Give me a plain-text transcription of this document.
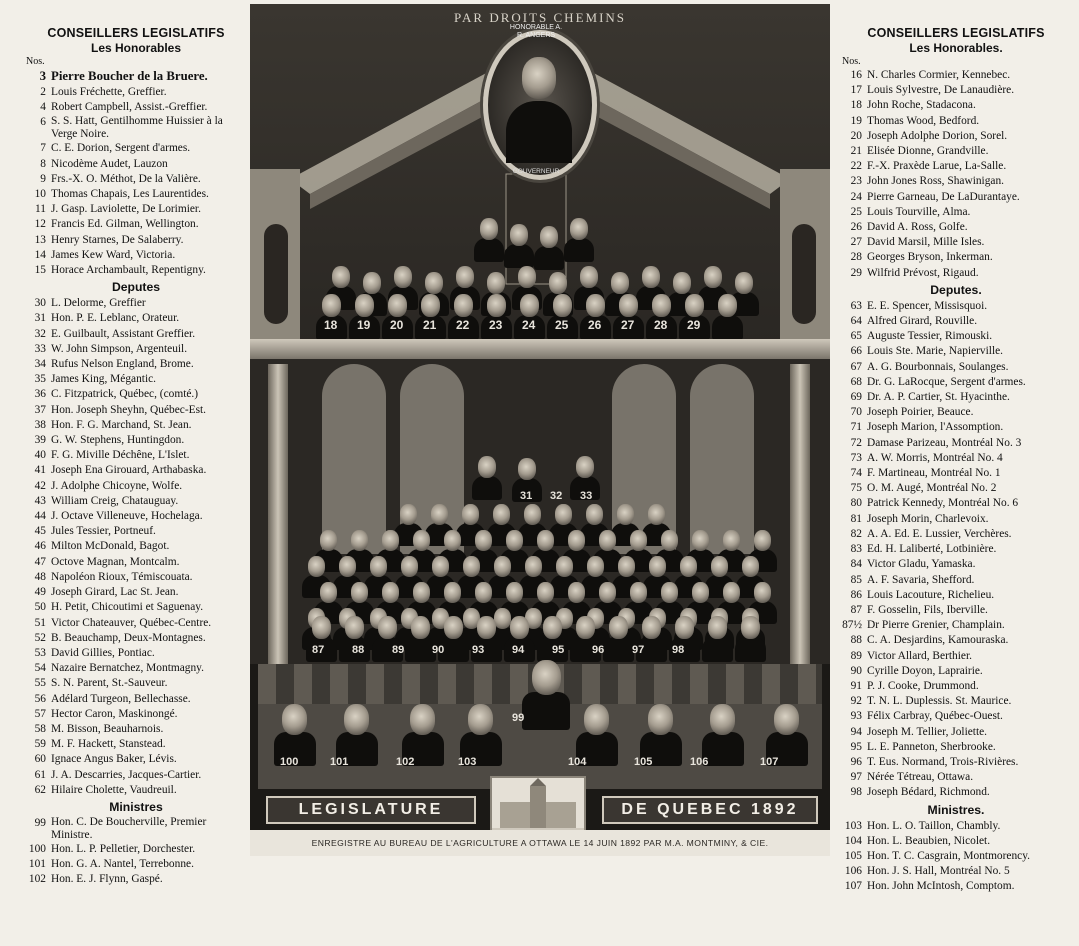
CONSEILLERS LEGISLATIFS
Les Honorables
Nos.
3 Pierre Boucher de la Bruere.
2 Louis Fréchette, Greffier.
4 Robert Campbell, Assist.-Greffier.
6 S. S. Hatt, Gentilhomme Huissier à la Verge Noire.
7 C. E. Dorion, Sergent d'armes.
8 Nicodème Audet, Lauzon
9 Frs.-X. O. Méthot, De la Valière.
10 Thomas Chapais, Les Laurentides.
11 J. Gasp. Laviolette, De Lorimier.
12 Francis Ed. Gilman, Wellington.
13 Henry Starnes, De Salaberry.
14 James Kew Ward, Victoria.
15 Horace Archambault, Repentigny.
Deputes
30 L. Delorme, Greffier
31 Hon. P. E. Leblanc, Orateur.
32 E. Guilbault, Assistant Greffier.
33 W. John Simpson, Argenteuil.
34 Rufus Nelson England, Brome.
35 James King, Mégantic.
36 C. Fitzpatrick, Québec, (comté.)
37 Hon. Joseph Sheyhn, Québec-Est.
38 Hon. F. G. Marchand, St. Jean.
39 G. W. Stephens, Huntingdon.
40 F. G. Miville Déchêne, L'Islet.
41 Joseph Ena Girouard, Arthabaska.
42 J. Adolphe Chicoyne, Wolfe.
43 William Creig, Chatauguay.
44 J. Octave Villeneuve, Hochelaga.
45 Jules Tessier, Portneuf.
46 Milton McDonald, Bagot.
47 Octove Magnan, Montcalm.
48 Napoléon Rioux, Témiscouata.
49 Joseph Girard, Lac St. Jean.
50 H. Petit, Chicoutimi et Saguenay.
51 Victor Chateauver, Québec-Centre.
52 B. Beauchamp, Deux-Montagnes.
53 David Gillies, Pontiac.
54 Nazaire Bernatchez, Montmagny.
55 S. N. Parent, St.-Sauveur.
56 Adélard Turgeon, Bellechasse.
57 Hector Caron, Maskinongé.
58 M. Bisson, Beauharnois.
59 M. F. Hackett, Stanstead.
60 Ignace Angus Baker, Lévis.
61 J. A. Descarries, Jacques-Cartier.
62 Hilaire Cholette, Vaudreuil.
Ministres
99 Hon. C. De Boucherville, Premier Ministre.
100 Hon. L. P. Pelletier, Dorchester.
101 Hon. G. A. Nantel, Terrebonne.
102 Hon. E. J. Flynn, Gaspé.
PAR DROITS CHEMINS
HONORABLE A. R. ANGERS
GOUVERNEUR
18 19 20 21 22 23 24 25 26 27 28 29
31 32 33
87	88	89	90	93	94	95	96	97	98
100	101	102	103
99
104	105	106	107
LEGISLATURE	DE QUEBEC 1892
ENREGISTRE AU BUREAU DE L'AGRICULTURE A OTTAWA LE 14 JUIN 1892 PAR M.A. MONTMINY, & CIE.
CONSEILLERS LEGISLATIFS
Les Honorables.
Nos.
16 N. Charles Cormier, Kennebec.
17 Louis Sylvestre, De Lanaudière.
18 John Roche, Stadacona.
19 Thomas Wood, Bedford.
20 Joseph Adolphe Dorion, Sorel.
21 Elisée Dionne, Grandville.
22 F.-X. Praxède Larue, La-Salle.
23 John Jones Ross, Shawinigan.
24 Pierre Garneau, De LaDurantaye.
25 Louis Tourville, Alma.
26 David A. Ross, Golfe.
27 David Marsil, Mille Isles.
28 Georges Bryson, Inkerman.
29 Wilfrid Prévost, Rigaud.
Deputes.
63 E. E. Spencer, Missisquoi.
64 Alfred Girard, Rouville.
65 Auguste Tessier, Rimouski.
66 Louis Ste. Marie, Napierville.
67 A. G. Bourbonnais, Soulanges.
68 Dr. G. LaRocque, Sergent d'armes.
69 Dr. A. P. Cartier, St. Hyacinthe.
70 Joseph Poirier, Beauce.
71 Joseph Marion, l'Assomption.
72 Damase Parizeau, Montréal No. 3
73 A. W. Morris, Montréal No. 4
74 F. Martineau, Montréal No. 1
75 O. M. Augé, Montréal No. 2
80 Patrick Kennedy, Montréal No. 6
81 Joseph Morin, Charlevoix.
82 A. A. Ed. E. Lussier, Verchères.
83 Ed. H. Laliberté, Lotbinière.
84 Victor Gladu, Yamaska.
85 A. F. Savaria, Shefford.
86 Louis Lacouture, Richelieu.
87 F. Gosselin, Fils, Iberville.
87½ Dr Pierre Grenier, Champlain.
88 C. A. Desjardins, Kamouraska.
89 Victor Allard, Berthier.
90 Cyrille Doyon, Laprairie.
91 P. J. Cooke, Drummond.
92 T. N. L. Duplessis. St. Maurice.
93 Félix Carbray, Québec-Ouest.
94 Joseph M. Tellier, Joliette.
95 L. E. Panneton, Sherbrooke.
96 T. Eus. Normand, Trois-Rivières.
97 Nérée Tétreau, Ottawa.
98 Joseph Bédard, Richmond.
Ministres.
103 Hon. L. O. Taillon, Chambly.
104 Hon. L. Beaubien, Nicolet.
105 Hon. T. C. Casgrain, Montmorency.
106 Hon. J. S. Hall, Montréal No. 5
107 Hon. John McIntosh, Comptom.
